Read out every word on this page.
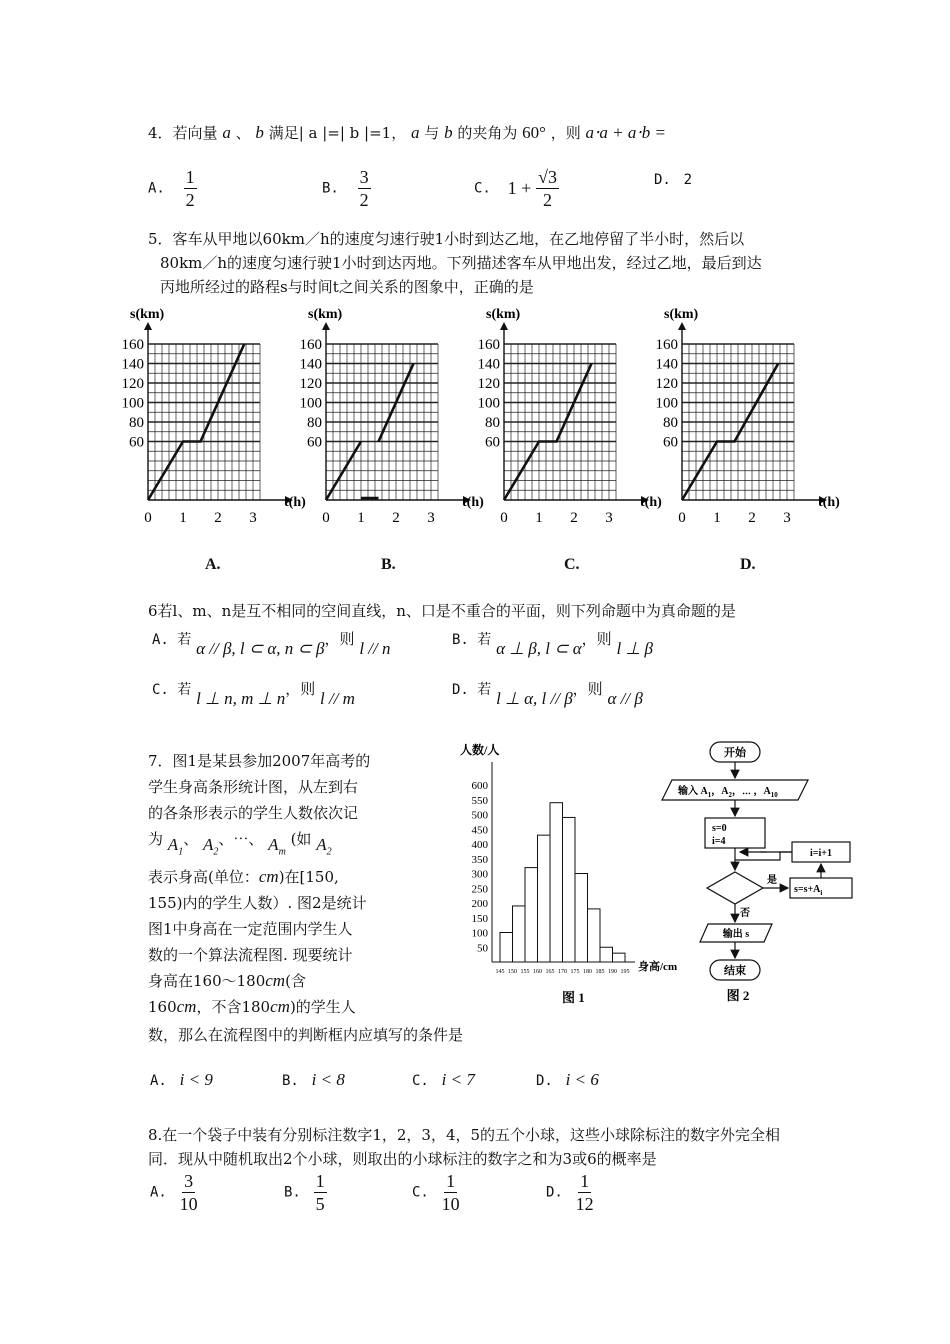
4．若向量 a 、 b 满足| a |=| b |=1， a 与 b 的夹角为 60° ，则 a⋅a + a⋅b =
A. $\frac{1}{2}$	B. $\frac{3}{2}$	C. $1 + \frac{√3}{2}$	D. 2
5．客车从甲地以60km／h的速度匀速行驶1小时到达乙地，在乙地停留了半小时，然后以
80km／h的速度匀速行驶1小时到达丙地。下列描述客车从甲地出发，经过乙地，最后到达
丙地所经过的路程s与时间t之间关系的图象中，正确的是
s(km)
t(h)
160
140
120
100
80
60
0 1 2 3
s(km)
t(h)
160
140
120
100
80
60
0 1 2 3
s(km)
t(h)
160
140
120
100
80
60
0 1 2 3
s(km)
t(h)
160
140
120
100
80
60
0 1 2 3
A.	B.	C.	D.
6若l、m、n是互不相同的空间直线，n、口是不重合的平面，则下列命题中为真命题的是
A. 若 α // β, l ⊂ α, n ⊂ β，则 l // n	B. 若 α ⊥ β, l ⊂ α，则 l ⊥ β
C. 若 l ⊥ n, m ⊥ n，则 l // m	D. 若 l ⊥ α, l // β，则 α // β
7．图1是某县参加2007年高考的
学生身高条形统计图，从左到右
的各条形表示的学生人数依次记
为 $A_1$、 $A_2$、⋯、 $A_m$ (如 $A_2$
表示身高(单位：cm)在[150,
155)内的学生人数）. 图2是统计
图1中身高在一定范围内学生人
数的一个算法流程图. 现要统计
身高在160～180cm(含
160cm，不含180cm)的学生人
数，那么在流程图中的判断框内应填写的条件是
人数/人
50
100
150
200
250
300
350
400
450
500
550
600
145 150 155 160 165 170 175 180 185 190 195 身高/cm
图 1
开始
输入 $A_1$，$A_2$，⋯ ，$A_{10}$
s=0
i=4
是
$s=s+A_i$
i=i+1
否
输出 s
结束
图 2
A. i < 9	B. i < 8	C. i < 7	D. i < 6
8.在一个袋子中装有分别标注数字1，2，3，4，5的五个小球，这些小球除标注的数字外完全相
同．现从中随机取出2个小球，则取出的小球标注的数字之和为3或6的概率是
A. $\frac{3}{10}$	B. $\frac{1}{5}$	C. $\frac{1}{10}$	D. $\frac{1}{12}$
